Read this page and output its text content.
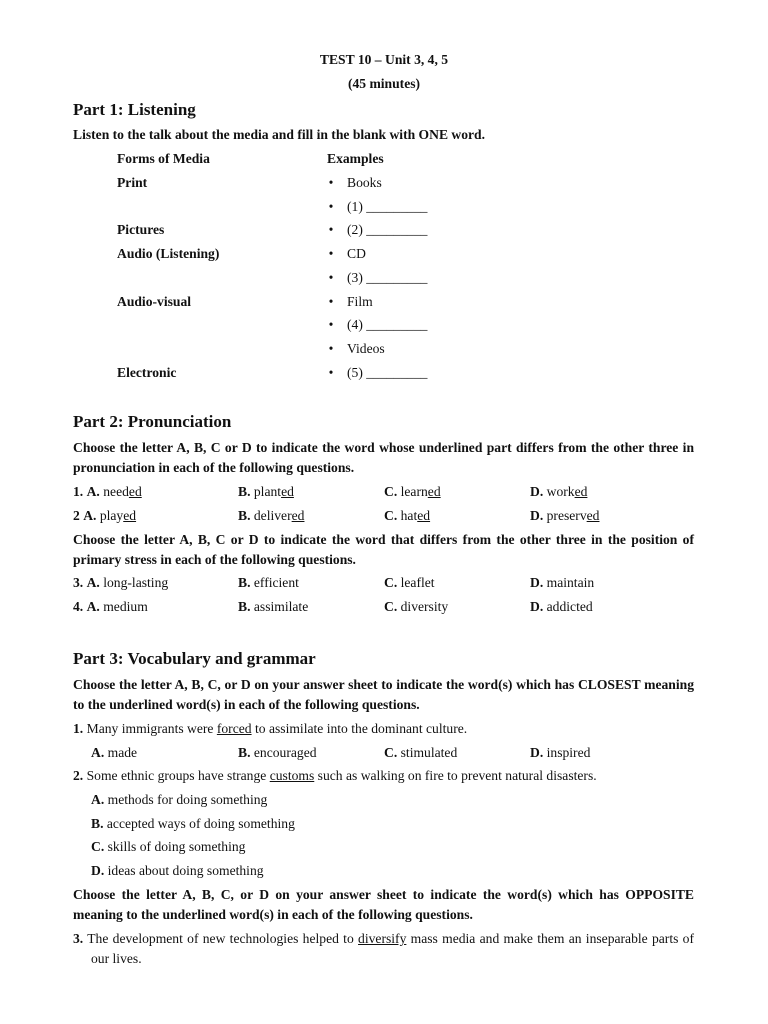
TEST 10 – Unit 3, 4, 5
(45 minutes)
Part 1: Listening
Listen to the talk about the media and fill in the blank with ONE word.
Forms of Media	Examples
Print	• Books
• (1) _________
Pictures	• (2) _________
Audio (Listening)	• CD
• (3) _________
Audio-visual	• Film
• (4) _________
• Videos
Electronic	• (5) _________
Part 2: Pronunciation
Choose the letter A, B, C or D to indicate the word whose underlined part differs from the other three in pronunciation in each of the following questions.
1. A. needed	B. planted	C. learned	D. worked
2 A. played	B. delivered	C. hated	D. preserved
Choose the letter A, B, C or D to indicate the word that differs from the other three in the position of primary stress in each of the following questions.
3. A. long-lasting	B. efficient	C. leaflet	D. maintain
4. A. medium	B. assimilate	C. diversity	D. addicted
Part 3: Vocabulary and grammar
Choose the letter A, B, C, or D on your answer sheet to indicate the word(s) which has CLOSEST meaning to the underlined word(s) in each of the following questions.
1. Many immigrants were forced to assimilate into the dominant culture.
A. made	B. encouraged	C. stimulated	D. inspired
2. Some ethnic groups have strange customs such as walking on fire to prevent natural disasters.
A. methods for doing something
B. accepted ways of doing something
C. skills of doing something
D. ideas about doing something
Choose the letter A, B, C, or D on your answer sheet to indicate the word(s) which has OPPOSITE meaning to the underlined word(s) in each of the following questions.
3. The development of new technologies helped to diversify mass media and make them an inseparable parts of our lives.
